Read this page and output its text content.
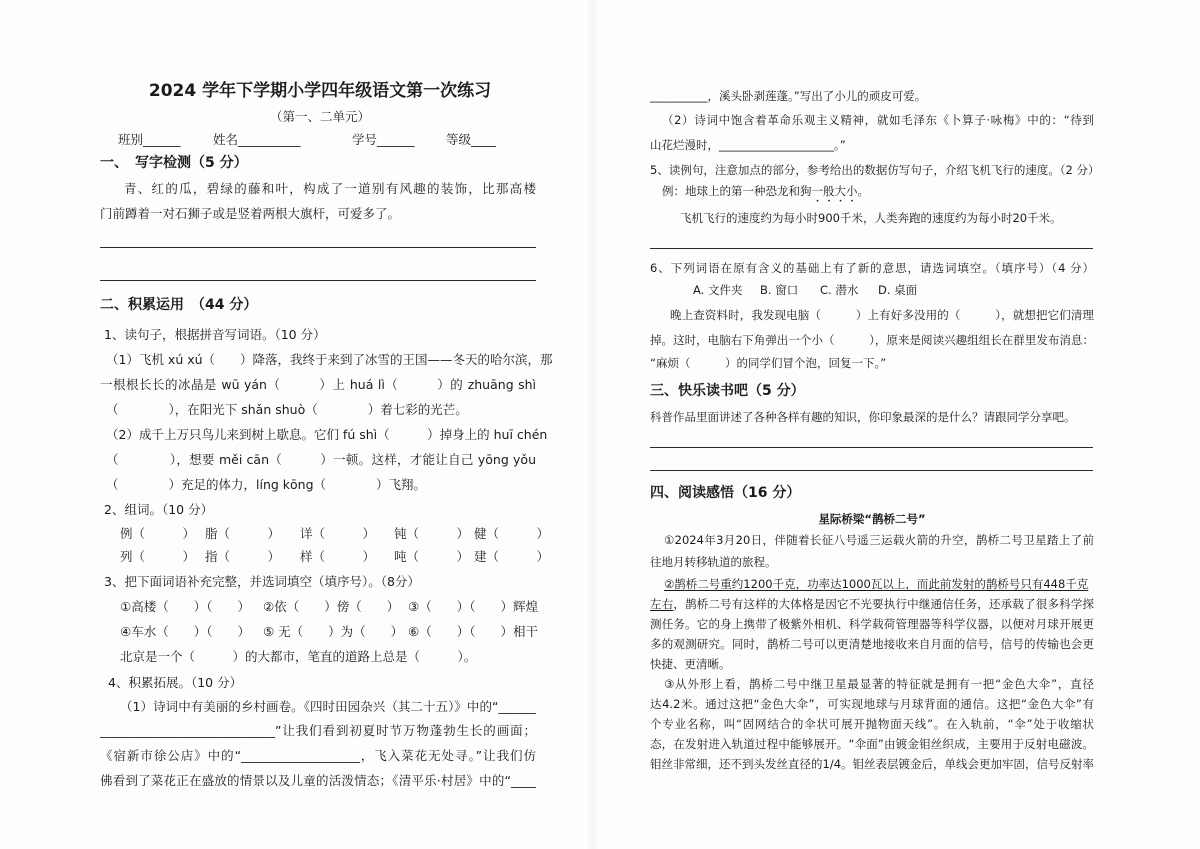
2024 学年下学期小学四年级语文第一次练习
（第一、二单元）
班别______	姓名__________	学号______	等级____
一、　写字检测（5 分）
青、红的瓜，碧绿的藤和叶，构成了一道别有风趣的装饰，比那高楼
门前蹲着一对石狮子或是竖着两根大旗杆，可爱多了。
二、积累运用　（44 分）
1、读句子，根据拼音写词语。（10 分）
（1）飞机 xú xú（　　）降落，我终于来到了冰雪的王国——冬天的哈尔滨，那
一根根长长的冰晶是 wū yán（　　　）上 huá lì（　　　）的 zhuāng shì
（　　　　），在阳光下 shǎn shuò（　　　　）着七彩的光芒。
（2）成千上万只鸟儿来到树上歇息。它们 fú shì（　　　）掉身上的 huī chén
（　　　　），想要 měi cān（　　　）一顿。这样，才能让自己 yōng yǒu
（　　　　）充足的体力，líng kōng（　　　　）飞翔。
2、组词。（10 分）
例（　　　） 脂（　　　） 详（　　　） 钝（　　　） 健（　　　）
列（　　　） 指（　　　） 样（　　　） 吨（　　　） 建（　　　）
3、把下面词语补充完整，并选词填空（填序号）。（8分）
①高楼（　　）（　　） ②依（　　）傍（　　） ③（　　）（　　）辉煌
④车水（　　）（　　） ⑤ 无（　　）为（　　） ⑥（　　）（　　）相干
北京是一个（　　　）的大都市，笔直的道路上总是（　　　）。
4、积累拓展。（10 分）
（1）诗词中有美丽的乡村画卷。《四时田园杂兴（其二十五）》中的“______
____________________________”让我们看到初夏时节万物蓬勃生长的画面；
《宿新市徐公店》中的“___________________，飞入菜花无处寻。”让我们仿
佛看到了菜花正在盛放的情景以及儿童的活泼情态；《清平乐·村居》中的“____
__________，溪头卧剥莲蓬。”写出了小儿的顽皮可爱。
（2）诗词中饱含着革命乐观主义精神，就如毛泽东《卜算子·咏梅》中的：“待到
山花烂漫时，____________________。”
5、读例句，注意加点的部分，参考给出的数据仿写句子，介绍飞机飞行的速度。（2 分）
例：地球上的第一种恐龙和狗一般大小。
飞机飞行的速度约为每小时900千米，人类奔跑的速度约为每小时20千米。
6、下列词语在原有含义的基础上有了新的意思，请选词填空。（填序号）（4 分）
A. 文件夹 B. 窗口 C. 潜水 D. 桌面
晚上查资料时，我发现电脑（　　　）上有好多没用的（　　　），就想把它们清理
掉。这时，电脑右下角弹出一个小（　　　），原来是阅读兴趣组组长在群里发布消息：
“麻烦（　　　）的同学们冒个泡，回复一下。”
三、快乐读书吧（5 分）
科普作品里面讲述了各种各样有趣的知识，你印象最深的是什么？请跟同学分享吧。
四、阅读感悟（16 分）
星际桥梁“鹊桥二号”
①2024年3月20日，伴随着长征八号遥三运载火箭的升空，鹊桥二号卫星踏上了前
往地月转移轨道的旅程。
②鹊桥二号重约1200千克，功率达1000瓦以上，而此前发射的鹊桥号只有448千克
左右，鹊桥二号有这样的大体格是因它不光要执行中继通信任务，还承载了很多科学探
测任务。它的身上携带了极紫外相机、科学载荷管理器等科学仪器，以便对月球开展更
多的观测研究。同时，鹊桥二号可以更清楚地接收来自月面的信号，信号的传输也会更
快捷、更清晰。
③从外形上看，鹊桥二号中继卫星最显著的特征就是拥有一把“金色大伞”，直径
达4.2米。通过这把“金色大伞”，可实现地球与月球背面的通信。这把“金色大伞”有
个专业名称，叫“固网结合的伞状可展开抛物面天线”。在入轨前，“伞”处于收缩状
态，在发射进入轨道过程中能够展开。“伞面”由镀金钼丝织成，主要用于反射电磁波。
钼丝非常细，还不到头发丝直径的1/4。钼丝表层镀金后，单线会更加牢固，信号反射率
